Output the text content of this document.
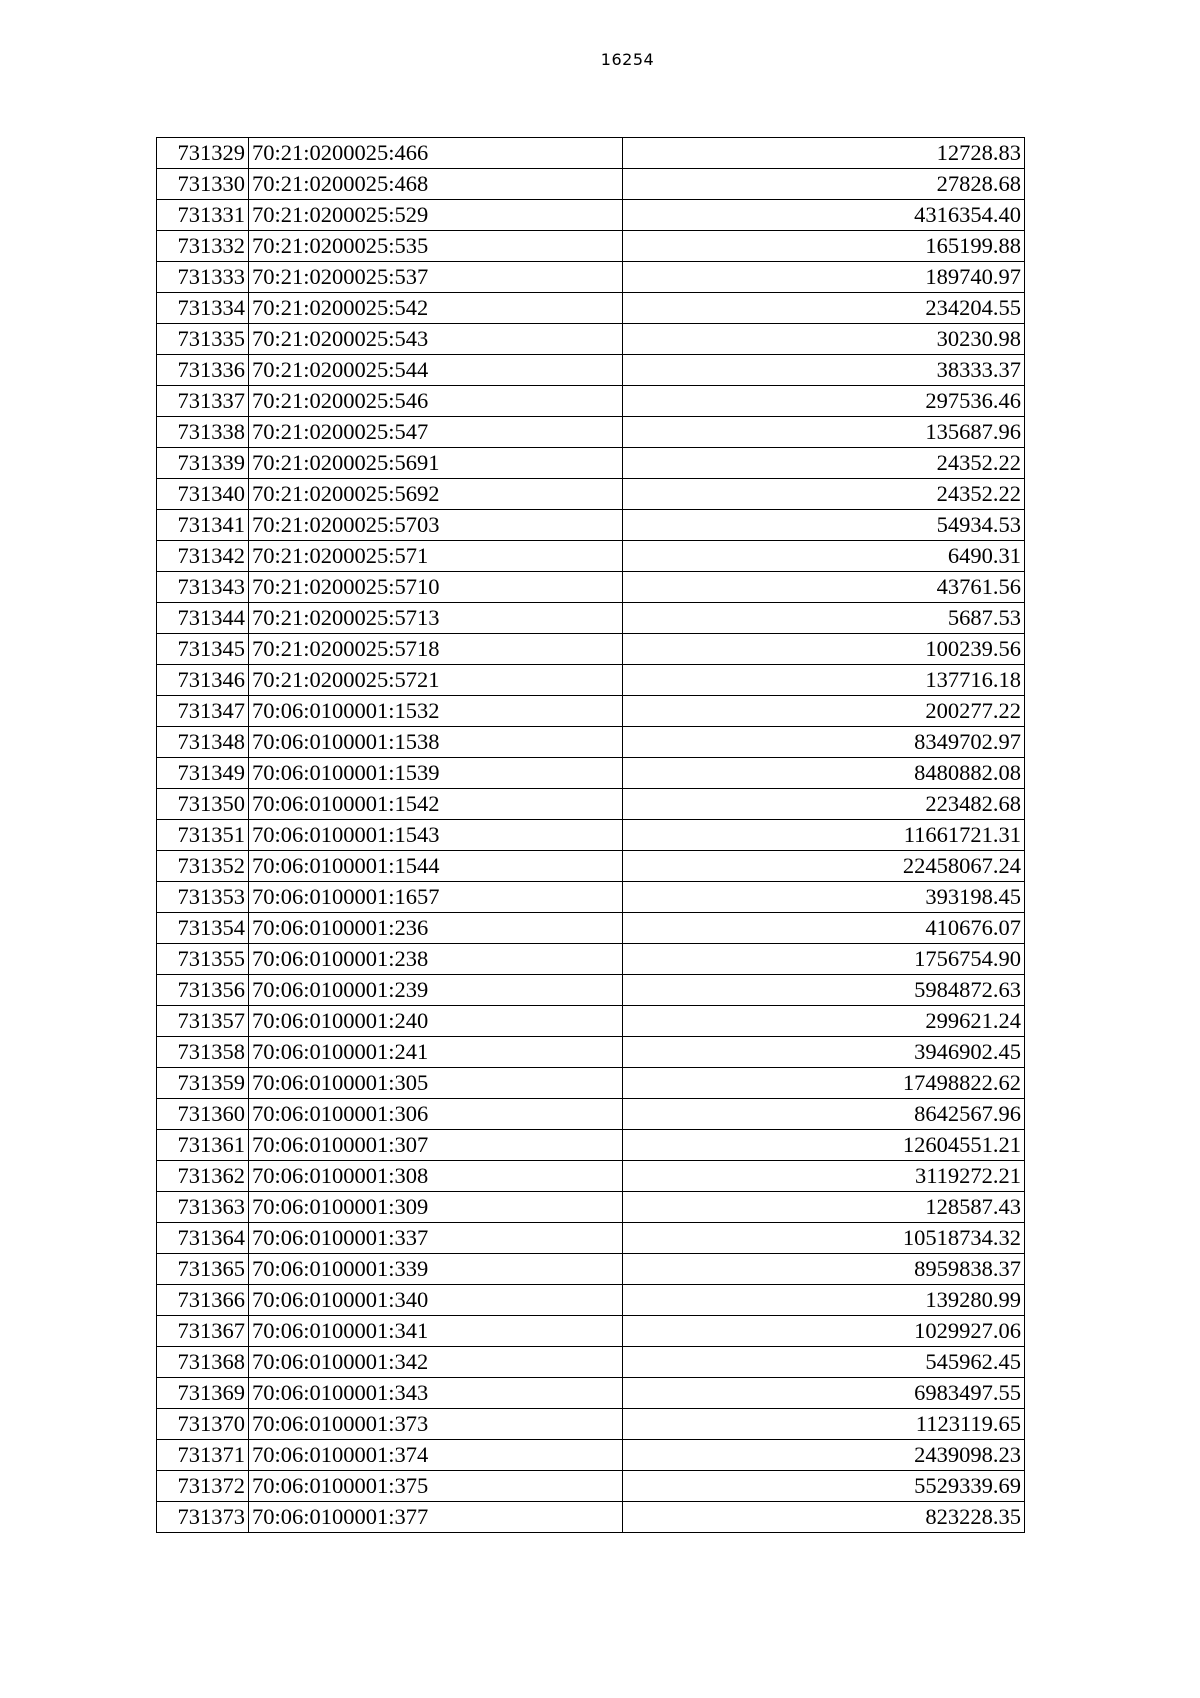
16254
731329	70:21:0200025:466	12728.83
731330	70:21:0200025:468	27828.68
731331	70:21:0200025:529	4316354.40
731332	70:21:0200025:535	165199.88
731333	70:21:0200025:537	189740.97
731334	70:21:0200025:542	234204.55
731335	70:21:0200025:543	30230.98
731336	70:21:0200025:544	38333.37
731337	70:21:0200025:546	297536.46
731338	70:21:0200025:547	135687.96
731339	70:21:0200025:5691	24352.22
731340	70:21:0200025:5692	24352.22
731341	70:21:0200025:5703	54934.53
731342	70:21:0200025:571	6490.31
731343	70:21:0200025:5710	43761.56
731344	70:21:0200025:5713	5687.53
731345	70:21:0200025:5718	100239.56
731346	70:21:0200025:5721	137716.18
731347	70:06:0100001:1532	200277.22
731348	70:06:0100001:1538	8349702.97
731349	70:06:0100001:1539	8480882.08
731350	70:06:0100001:1542	223482.68
731351	70:06:0100001:1543	11661721.31
731352	70:06:0100001:1544	22458067.24
731353	70:06:0100001:1657	393198.45
731354	70:06:0100001:236	410676.07
731355	70:06:0100001:238	1756754.90
731356	70:06:0100001:239	5984872.63
731357	70:06:0100001:240	299621.24
731358	70:06:0100001:241	3946902.45
731359	70:06:0100001:305	17498822.62
731360	70:06:0100001:306	8642567.96
731361	70:06:0100001:307	12604551.21
731362	70:06:0100001:308	3119272.21
731363	70:06:0100001:309	128587.43
731364	70:06:0100001:337	10518734.32
731365	70:06:0100001:339	8959838.37
731366	70:06:0100001:340	139280.99
731367	70:06:0100001:341	1029927.06
731368	70:06:0100001:342	545962.45
731369	70:06:0100001:343	6983497.55
731370	70:06:0100001:373	1123119.65
731371	70:06:0100001:374	2439098.23
731372	70:06:0100001:375	5529339.69
731373	70:06:0100001:377	823228.35
